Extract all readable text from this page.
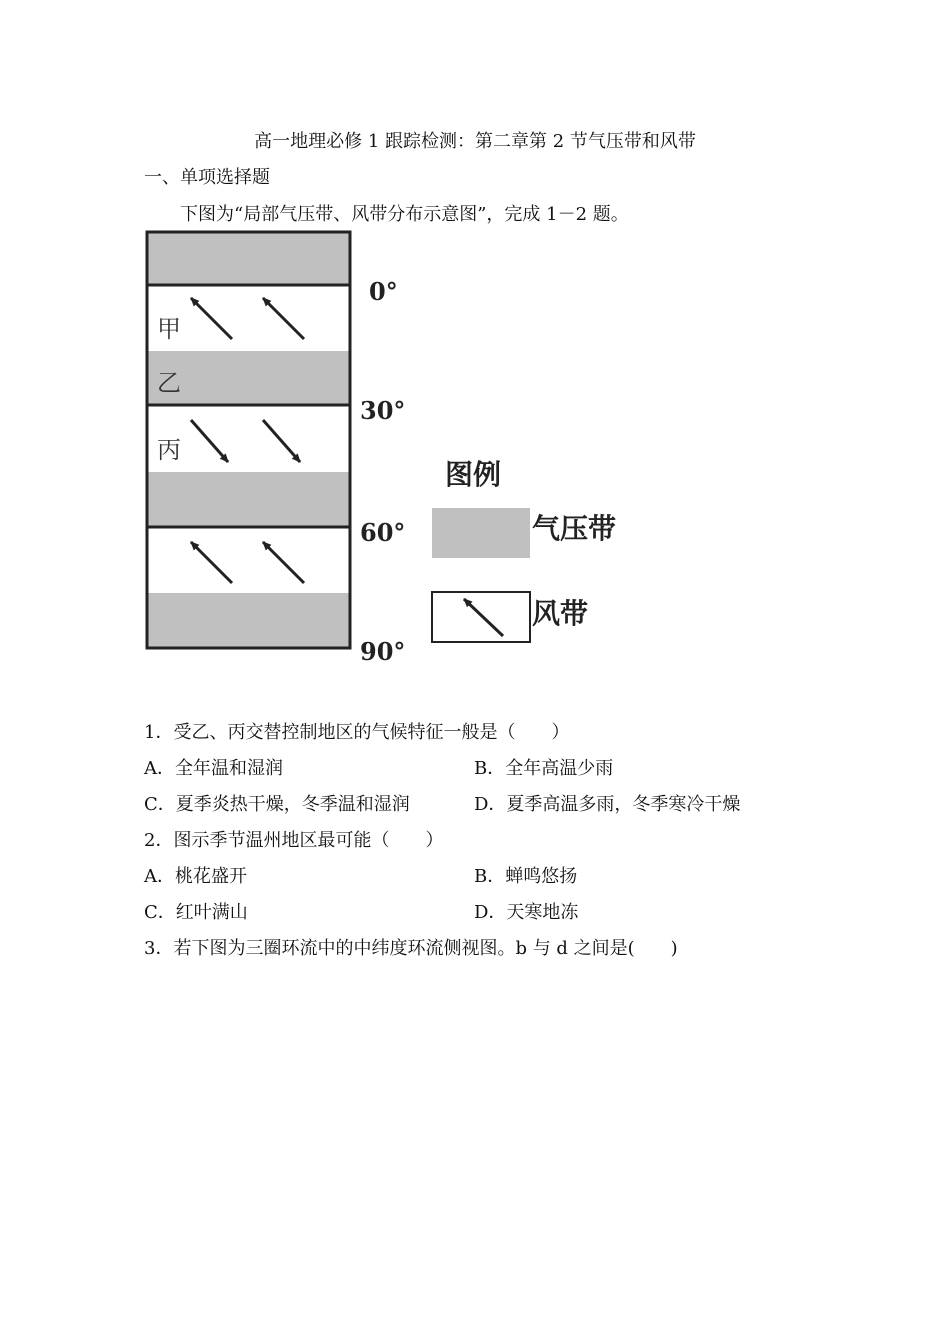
高一地理必修 1 跟踪检测：第二章第 2 节气压带和风带
一、单项选择题
下图为“局部气压带、风带分布示意图”，完成 1－2 题。
甲
乙
丙
0°
30°
60°
90°
图例
气压带
风带
1．受乙、丙交替控制地区的气候特征一般是（　　）
A．全年温和湿润	B．全年高温少雨
C．夏季炎热干燥，冬季温和湿润	D．夏季高温多雨，冬季寒冷干燥
2．图示季节温州地区最可能（　　）
A．桃花盛开	B．蝉鸣悠扬
C．红叶满山	D．天寒地冻
3．若下图为三圈环流中的中纬度环流侧视图。b 与 d 之间是(　　)
